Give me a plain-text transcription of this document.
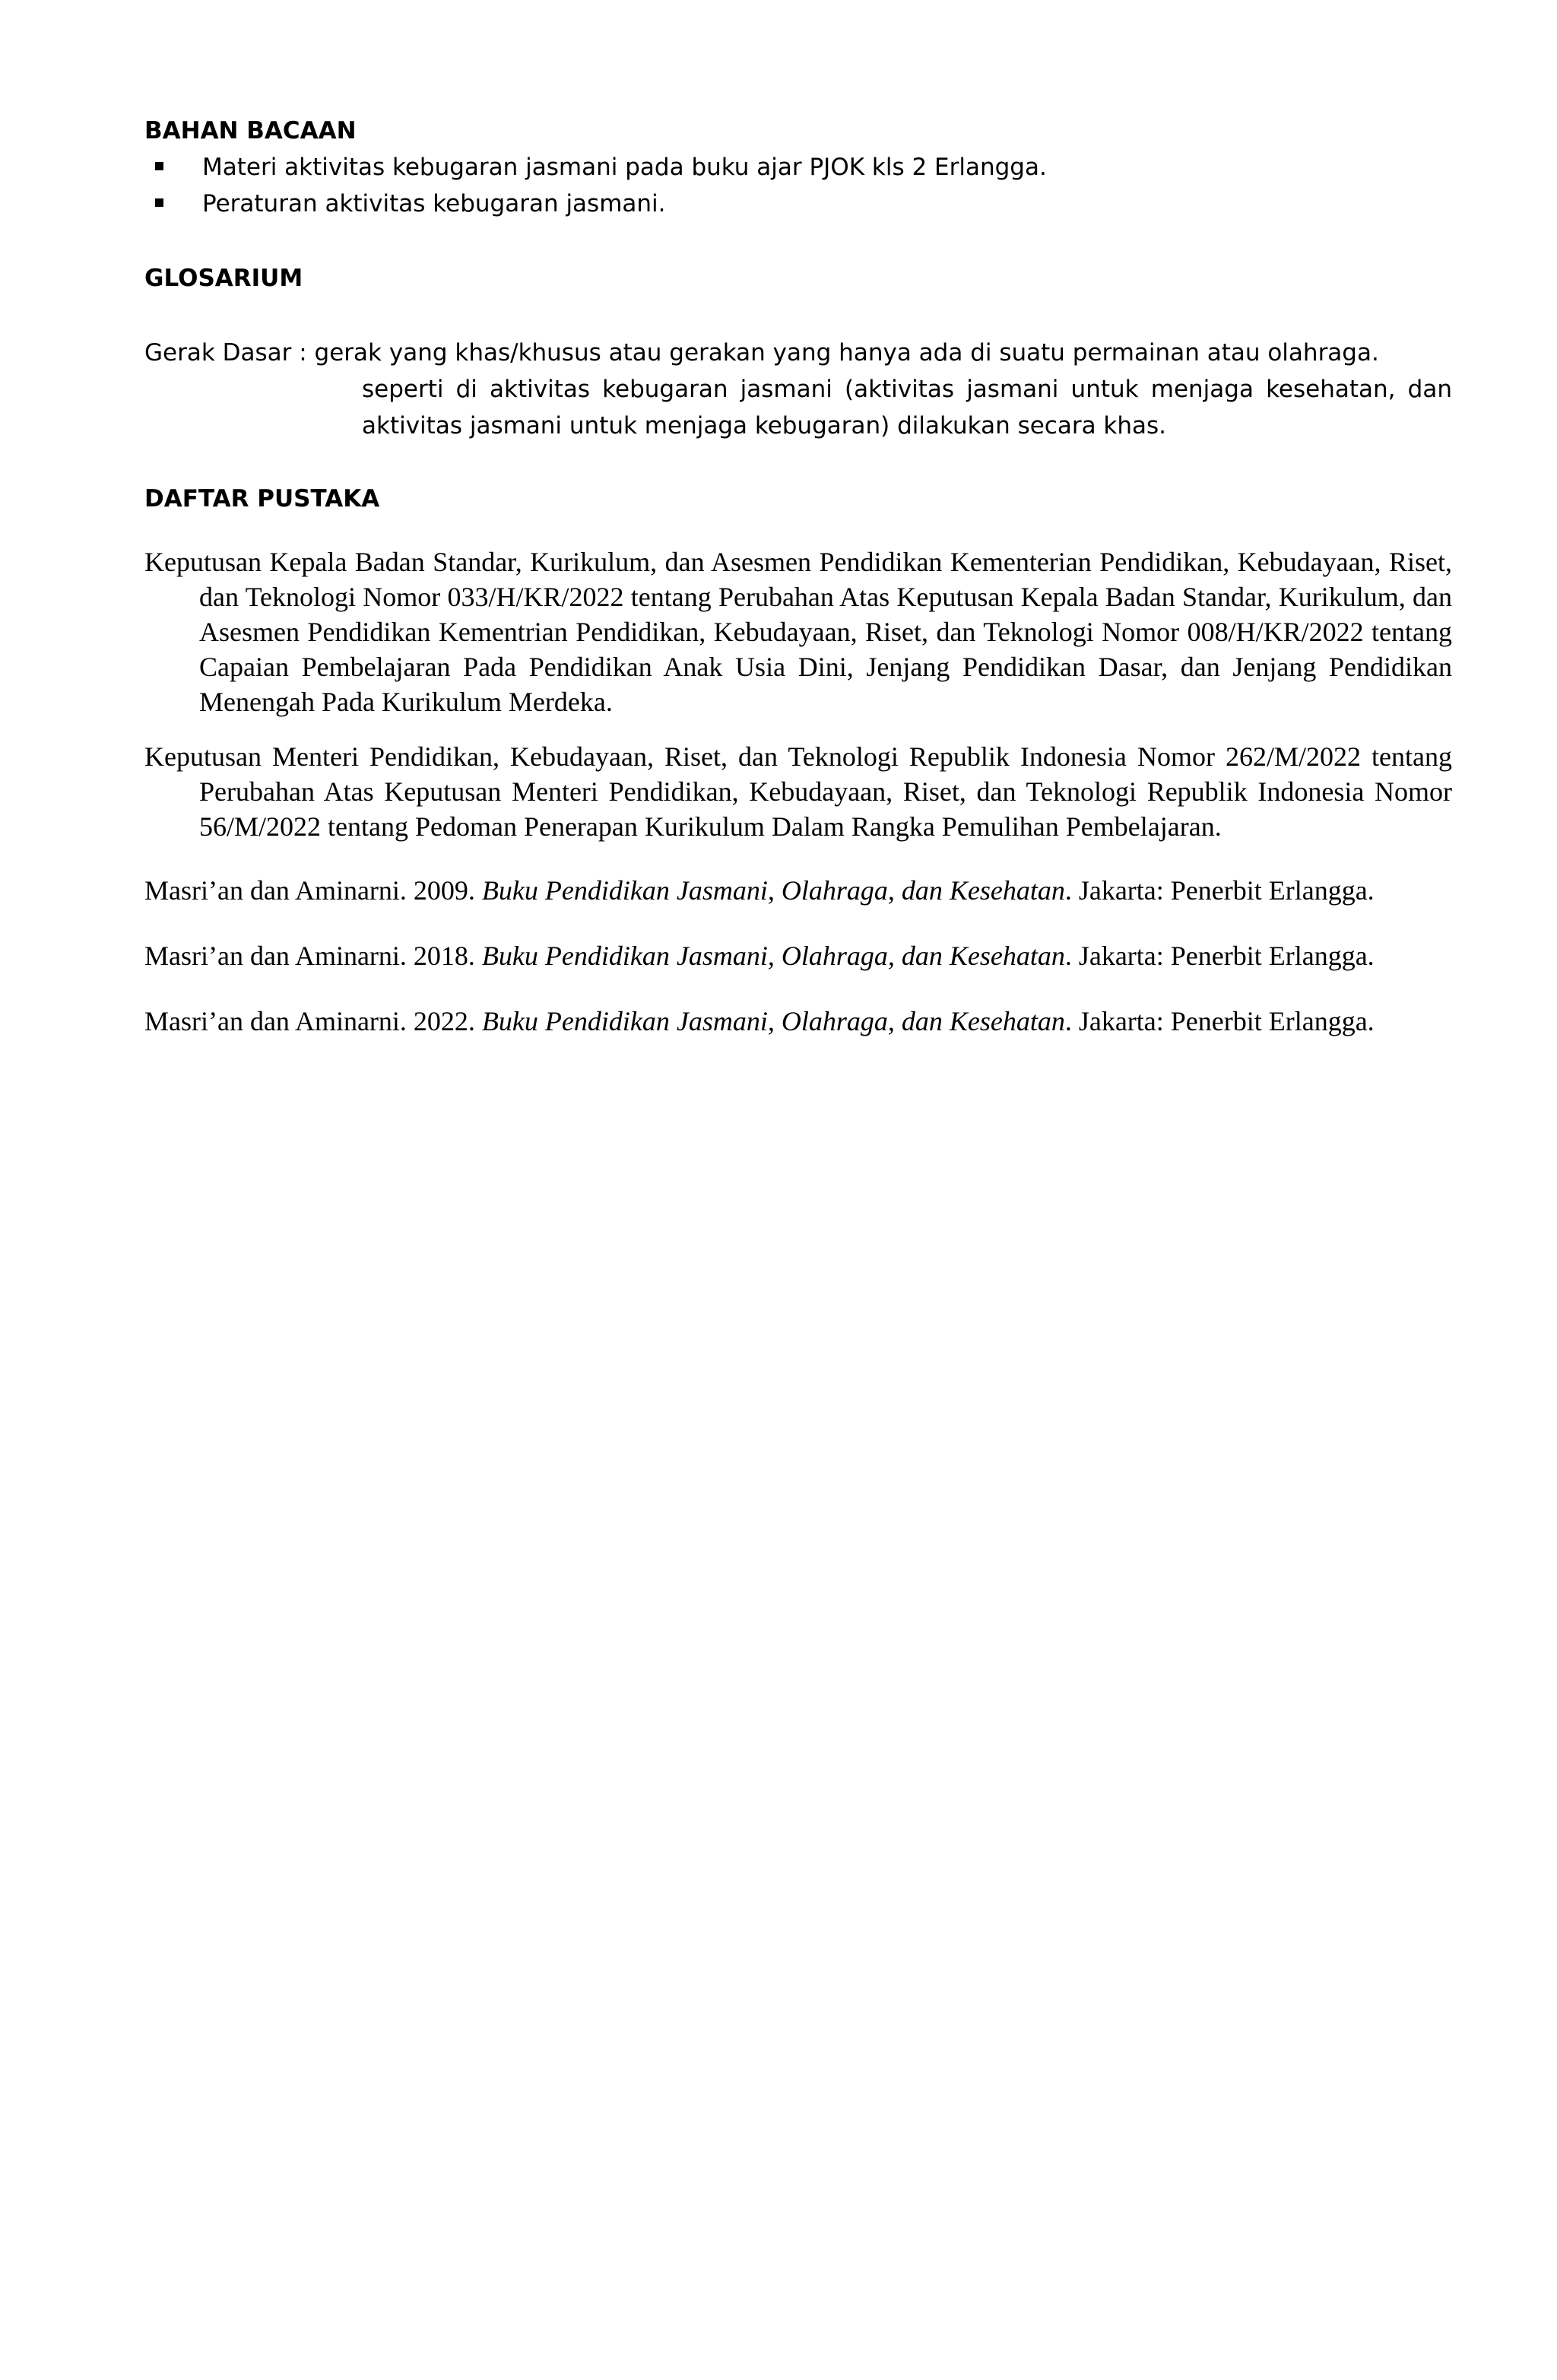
BAHAN BACAAN

Materi aktivitas kebugaran jasmani pada buku ajar PJOK kls 2 Erlangga.
Peraturan aktivitas kebugaran jasmani.

GLOSARIUM

Gerak Dasar : gerak yang khas/khusus atau gerakan yang hanya ada di suatu permainan atau olahraga.

seperti di aktivitas kebugaran jasmani (aktivitas jasmani untuk menjaga kesehatan, dan aktivitas jasmani untuk menjaga kebugaran) dilakukan secara khas.

DAFTAR PUSTAKA

Keputusan Kepala Badan Standar, Kurikulum, dan Asesmen Pendidikan Kementerian Pendidikan, Kebudayaan, Riset, dan Teknologi Nomor 033/H/KR/2022 tentang Perubahan Atas Keputusan Kepala Badan Standar, Kurikulum, dan Asesmen Pendidikan Kementrian Pendidikan, Kebudayaan, Riset, dan Teknologi Nomor 008/H/KR/2022 tentang Capaian Pembelajaran Pada Pendidikan Anak Usia Dini, Jenjang Pendidikan Dasar, dan Jenjang Pendidikan Menengah Pada Kurikulum Merdeka.

Keputusan Menteri Pendidikan, Kebudayaan, Riset, dan Teknologi Republik Indonesia Nomor 262/M/2022 tentang Perubahan Atas Keputusan Menteri Pendidikan, Kebudayaan, Riset, dan Teknologi Republik Indonesia Nomor 56/M/2022 tentang Pedoman Penerapan Kurikulum Dalam Rangka Pemulihan Pembelajaran.

Masri’an dan Aminarni. 2009. Buku Pendidikan Jasmani, Olahraga, dan Kesehatan. Jakarta: Penerbit Erlangga.

Masri’an dan Aminarni. 2018. Buku Pendidikan Jasmani, Olahraga, dan Kesehatan. Jakarta: Penerbit Erlangga.

Masri’an dan Aminarni. 2022. Buku Pendidikan Jasmani, Olahraga, dan Kesehatan. Jakarta: Penerbit Erlangga.
